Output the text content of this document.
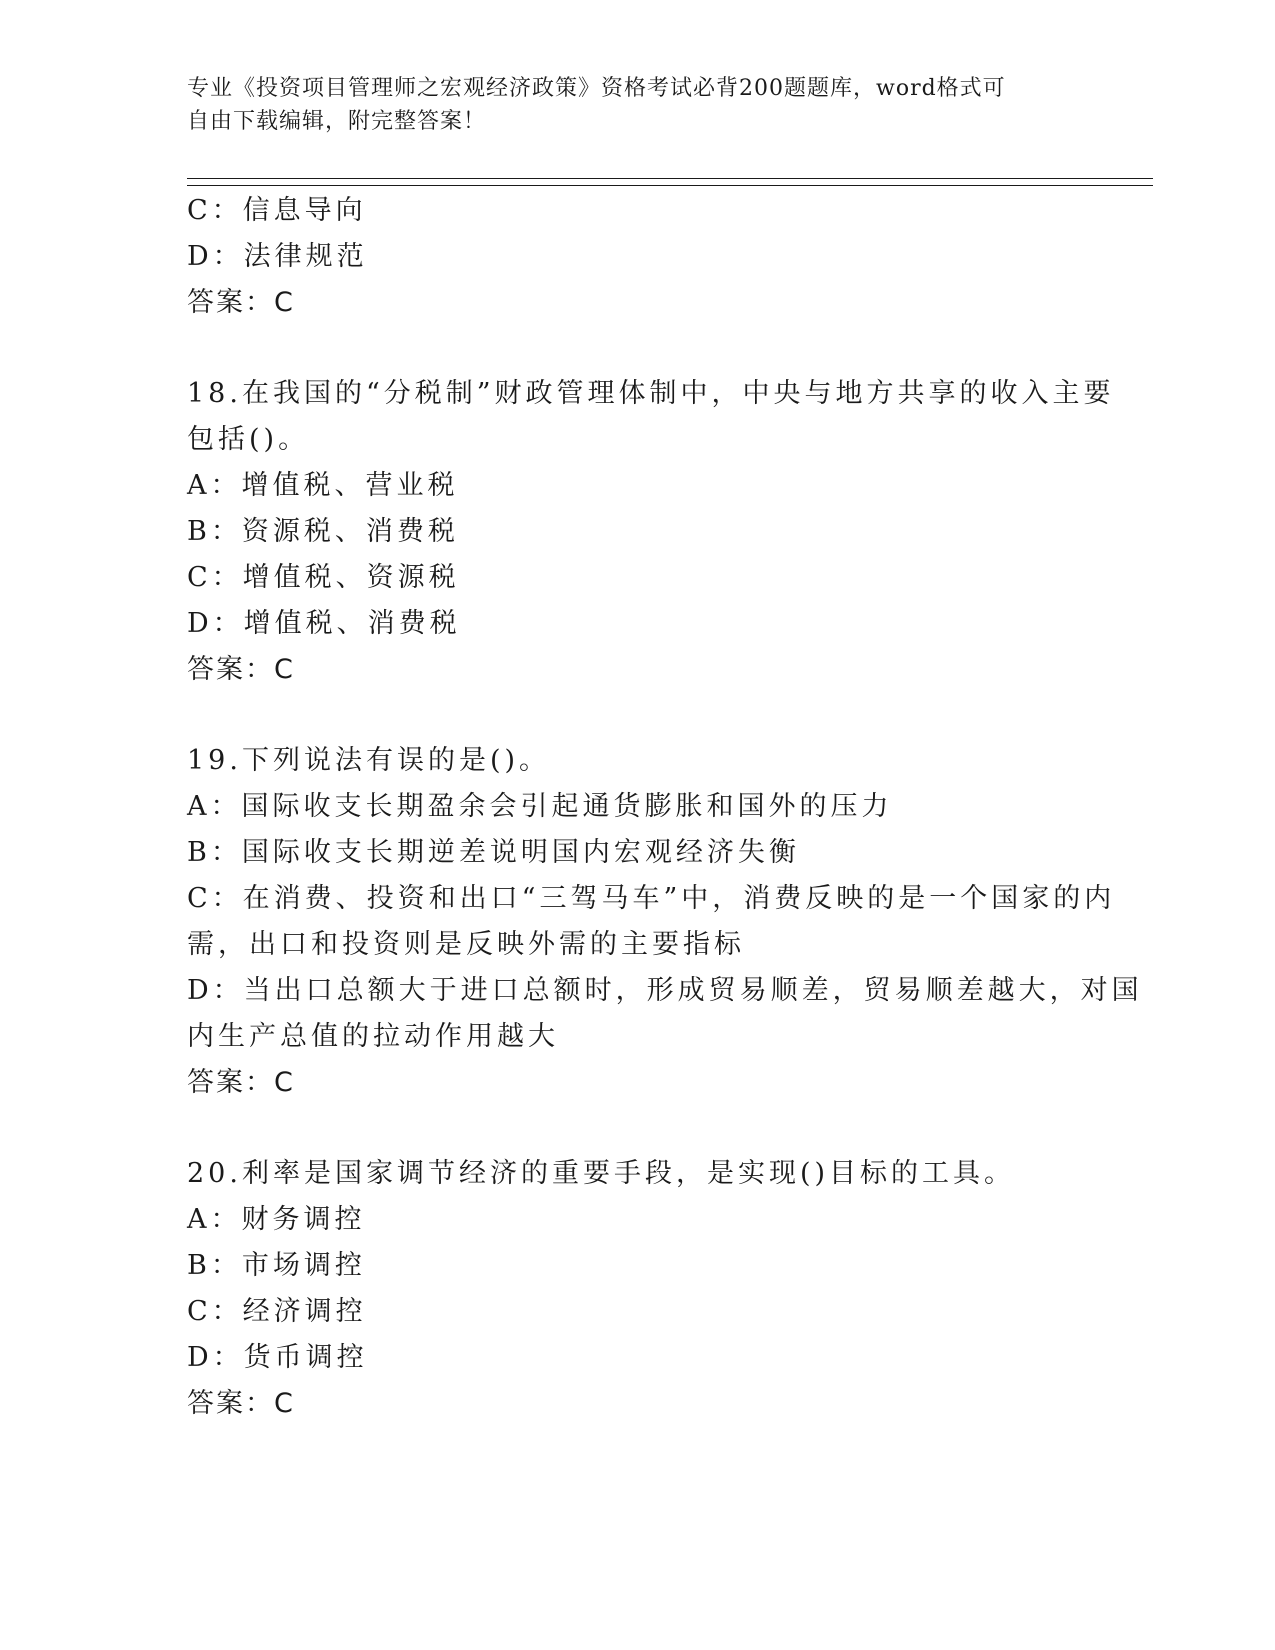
专业《投资项目管理师之宏观经济政策》资格考试必背200题题库，word格式可
自由下载编辑，附完整答案！
C：信息导向
D：法律规范
答案：C
18.在我国的“分税制”财政管理体制中，中央与地方共享的收入主要
包括()。
A：增值税、营业税
B：资源税、消费税
C：增值税、资源税
D：增值税、消费税
答案：C
19.下列说法有误的是()。
A：国际收支长期盈余会引起通货膨胀和国外的压力
B：国际收支长期逆差说明国内宏观经济失衡
C：在消费、投资和出口“三驾马车”中，消费反映的是一个国家的内
需，出口和投资则是反映外需的主要指标
D：当出口总额大于进口总额时，形成贸易顺差，贸易顺差越大，对国
内生产总值的拉动作用越大
答案：C
20.利率是国家调节经济的重要手段，是实现()目标的工具。
A：财务调控
B：市场调控
C：经济调控
D：货币调控
答案：C
